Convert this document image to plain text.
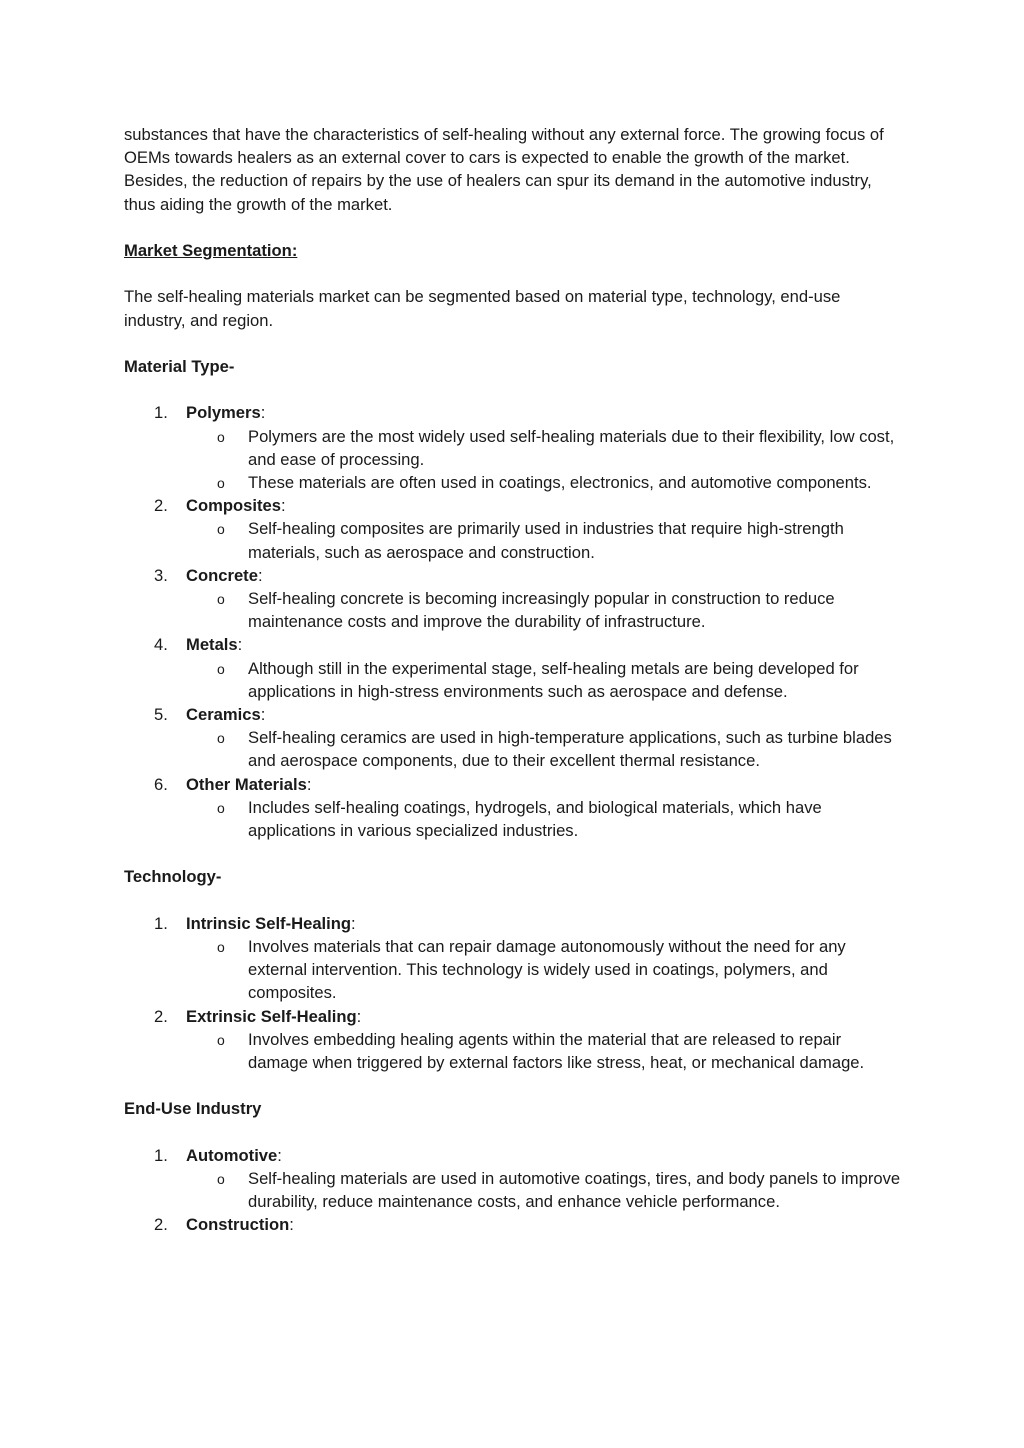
substances that have the characteristics of self-healing without any external force. The growing focus of OEMs towards healers as an external cover to cars is expected to enable the growth of the market. Besides, the reduction of repairs by the use of healers can spur its demand in the automotive industry, thus aiding the growth of the market.

Market Segmentation:

The self-healing materials market can be segmented based on material type, technology, end-use industry, and region.

Material Type-

1. Polymers:
o Polymers are the most widely used self-healing materials due to their flexibility, low cost, and ease of processing.
o These materials are often used in coatings, electronics, and automotive components.
2. Composites:
o Self-healing composites are primarily used in industries that require high-strength materials, such as aerospace and construction.
3. Concrete:
o Self-healing concrete is becoming increasingly popular in construction to reduce maintenance costs and improve the durability of infrastructure.
4. Metals:
o Although still in the experimental stage, self-healing metals are being developed for applications in high-stress environments such as aerospace and defense.
5. Ceramics:
o Self-healing ceramics are used in high-temperature applications, such as turbine blades and aerospace components, due to their excellent thermal resistance.
6. Other Materials:
o Includes self-healing coatings, hydrogels, and biological materials, which have applications in various specialized industries.

Technology-

1. Intrinsic Self-Healing:
o Involves materials that can repair damage autonomously without the need for any external intervention. This technology is widely used in coatings, polymers, and composites.
2. Extrinsic Self-Healing:
o Involves embedding healing agents within the material that are released to repair damage when triggered by external factors like stress, heat, or mechanical damage.

End-Use Industry

1. Automotive:
o Self-healing materials are used in automotive coatings, tires, and body panels to improve durability, reduce maintenance costs, and enhance vehicle performance.
2. Construction:
